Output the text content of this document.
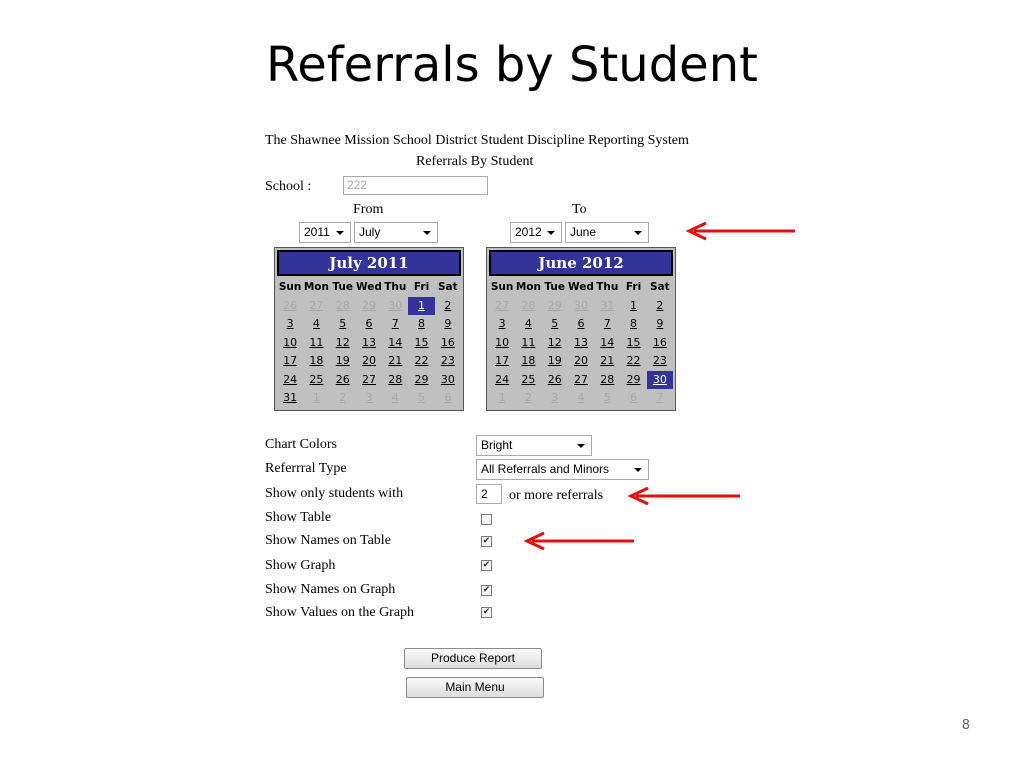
Referrals by Student
The Shawnee Mission School District Student Discipline Reporting System
Referrals By Student
School :	222
From	To
2011	July	2012	June
July 2011
Sun Mon Tue Wed Thu Fri Sat
26	27	28	29	30	1	2
3	4	5	6	7	8	9
10	11	12	13	14	15	16
17	18	19	20	21	22	23
24	25	26	27	28	29	30
31	1	2	3	4	5	6
June 2012
Sun Mon Tue Wed Thu Fri Sat
27	28	29	30	31	1	2
3	4	5	6	7	8	9
10	11	12	13	14	15	16
17	18	19	20	21	22	23
24	25	26	27	28	29	30
1	2	3	4	5	6	7
Chart Colors	Bright
Referrral Type	All Referrals and Minors
Show only students with	2	or more referrals
Show Table
Show Names on Table	✔
Show Graph	✔
Show Names on Graph	✔
Show Values on the Graph	✔
Produce Report
Main Menu
8
